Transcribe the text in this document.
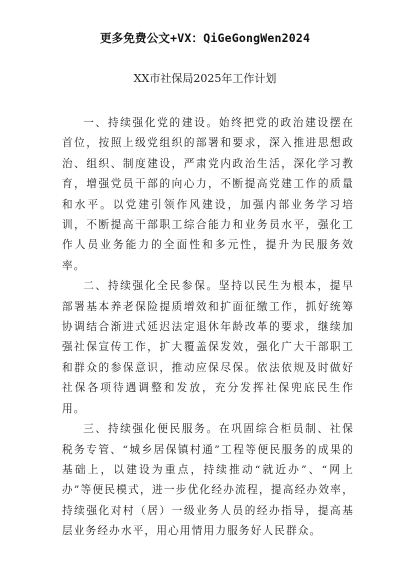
更多免费公文+VX：QiGeGongWen2024
XX市社保局2025年工作计划

一、持续强化党的建设。始终把党的政治建设摆在首位，按照上级党组织的部署和要求，深入推进思想政治、组织、制度建设，严肃党内政治生活，深化学习教育，增强党员干部的向心力，不断提高党建工作的质量和水平。以党建引领作风建设，加强内部业务学习培训，不断提高干部职工综合能力和业务员水平，强化工作人员业务能力的全面性和多元性，提升为民服务效率。

二、持续强化全民参保。坚持以民生为根本，提早部署基本养老保险提质增效和扩面征缴工作，抓好统筹协调结合渐进式延迟法定退休年龄改革的要求，继续加强社保宣传工作，扩大覆盖保发效，强化广大干部职工和群众的参保意识，推动应保尽保。依法依规及时做好社保各项待遇调整和发放，充分发挥社保兜底民生作用。

三、持续强化便民服务。在巩固综合柜员制、社保税务专管、“城乡居保镇村通”工程等便民服务的成果的基础上，以建设为重点，持续推动“就近办”、“网上办”等便民模式，进一步优化经办流程，提高经办效率，持续强化对村（居）一级业务人员的经办指导，提高基层业务经办水平，用心用情用力服务好人民群众。
